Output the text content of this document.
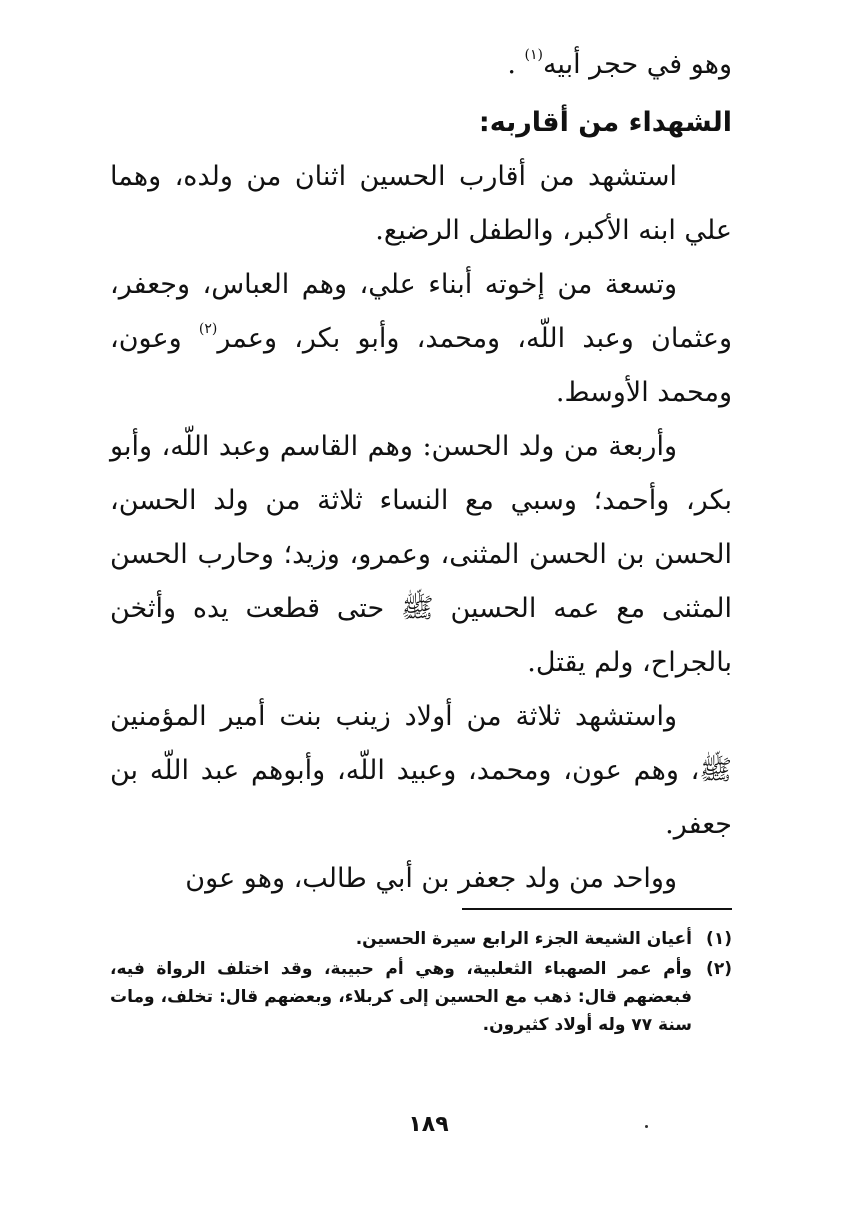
وهو في حجر أبيه$^{(١)}$ .

الشهداء من أقاربه:

استشهد من أقارب الحسين اثنان من ولده، وهما علي ابنه الأكبر، والطفل الرضيع.

وتسعة من إخوته أبناء علي، وهم العباس، وجعفر، وعثمان وعبد اللّه، ومحمد، وأبو بكر، وعمر$^{(٢)}$ وعون، ومحمد الأوسط.

وأربعة من ولد الحسن: وهم القاسم وعبد اللّه، وأبو بكر، وأحمد؛ وسبي مع النساء ثلاثة من ولد الحسن، الحسن بن الحسن المثنى، وعمرو، وزيد؛ وحارب الحسن المثنى مع عمه الحسين ﷺ حتى قطعت يده وأثخن بالجراح، ولم يقتل.

واستشهد ثلاثة من أولاد زينب بنت أمير المؤمنين ﷺ، وهم عون، ومحمد، وعبيد اللّه، وأبوهم عبد اللّه بن جعفر.

وواحد من ولد جعفر بن أبي طالب، وهو عون

(١)
أعيان الشيعة الجزء الرابع سيرة الحسين.
(٢)
وأم عمر الصهباء الثعلبية، وهي أم حبيبة، وقد اختلف الرواة فيه، فبعضهم قال: ذهب مع الحسين إلى كربلاء، وبعضهم قال: تخلف، ومات سنة ٧٧ وله أولاد كثيرون.
١٨٩
